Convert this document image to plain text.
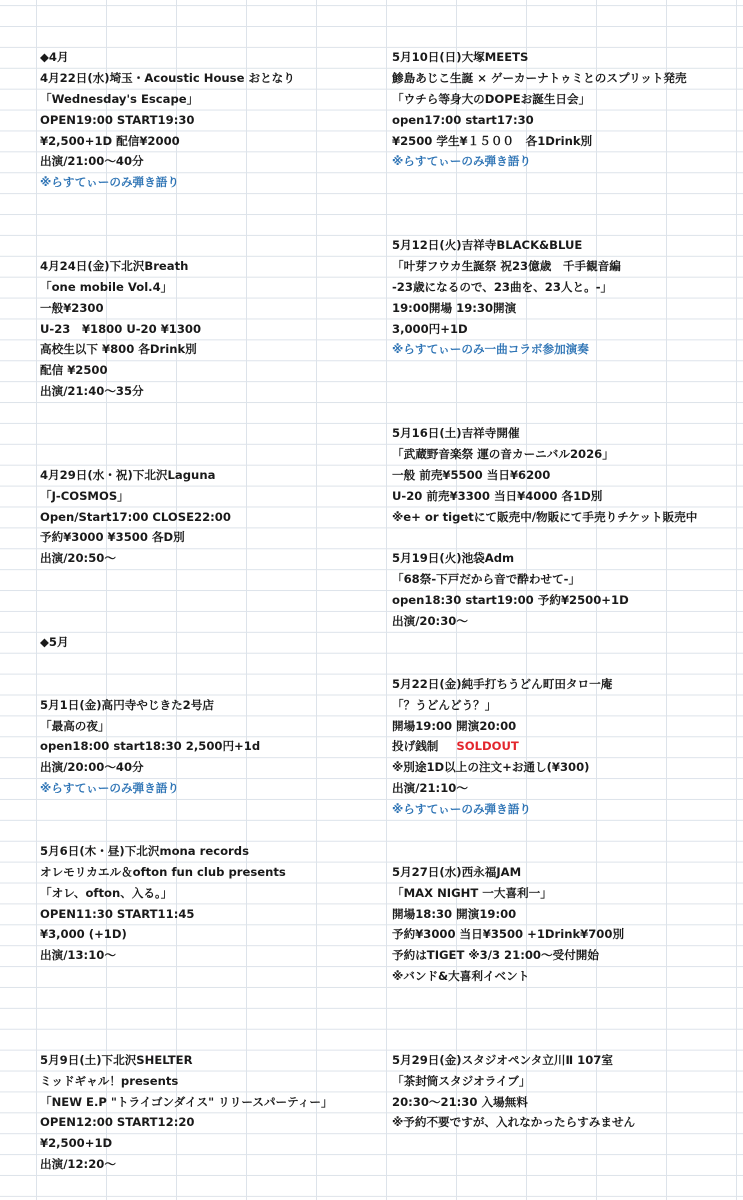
◆4月
4月22日(水)埼玉・Acoustic House おとなり
「Wednesday's Escape」
OPEN19:00 START19:30
¥2,500+1D 配信¥2000
出演/21:00～40分
※らすてぃーのみ弾き語り
4月24日(金)下北沢Breath
「one mobile Vol.4」
一般¥2300
U-23　¥1800 U-20 ¥1300
高校生以下 ¥800 各Drink別
配信 ¥2500
出演/21:40～35分
4月29日(水・祝)下北沢Laguna
「J-COSMOS」
Open/Start17:00 CLOSE22:00
予約¥3000 ¥3500 各D別
出演/20:50～
◆5月
5月1日(金)高円寺やじきた2号店
「最高の夜」
open18:00 start18:30 2,500円+1d
出演/20:00～40分
※らすてぃーのみ弾き語り
5月6日(木・昼)下北沢mona records
オレモリカエル＆ofton fun club presents
「オレ、ofton、入る。」
OPEN11:30 START11:45
¥3,000 (+1D)
出演/13:10～
5月9日(土)下北沢SHELTER
ミッドギャル！presents
「NEW E.P "トライゴンダイス" リリースパーティー」
OPEN12:00 START12:20
¥2,500+1D
出演/12:20～
5月10日(日)大塚MEETS
鯵島あじこ生誕 × ゲーカーナトゥミとのスプリット発売
「ウチら等身大のDOPEお誕生日会」
open17:00 start17:30
¥2500 学生¥１５００　各1Drink別
※らすてぃーのみ弾き語り
5月12日(火)吉祥寺BLACK&BLUE
「叶芽フウカ生誕祭 祝23億歳　千手観音編
-23歳になるので、23曲を、23人と。-」
19:00開場 19:30開演
3,000円+1D
※らすてぃーのみ一曲コラボ参加演奏
5月16日(土)吉祥寺開催
「武蔵野音楽祭 運の音カーニバル2026」
一般 前売¥5500 当日¥6200
U-20 前売¥3300 当日¥4000 各1D別
※e+ or tigetにて販売中/物販にて手売りチケット販売中
5月19日(火)池袋Adm
「68祭-下戸だから音で酔わせて-」
open18:30 start19:00 予約¥2500+1D
出演/20:30～
5月22日(金)純手打ちうどん町田タロ一庵
「？うどんどう？」
開場19:00 開演20:00
投げ銭制 SOLDOUT
※別途1D以上の注文+お通し(¥300)
出演/21:10～
※らすてぃーのみ弾き語り
5月27日(水)西永福JAM
「MAX NIGHT 一大喜利一」
開場18:30 開演19:00
予約¥3000 当日¥3500 +1Drink¥700別
予約はTIGET ※3/3 21:00～受付開始
※バンド&大喜利イベント
5月29日(金)スタジオペンタ立川Ⅱ 107室
「茶封筒スタジオライブ」
20:30～21:30 入場無料
※予約不要ですが、入れなかったらすみません
